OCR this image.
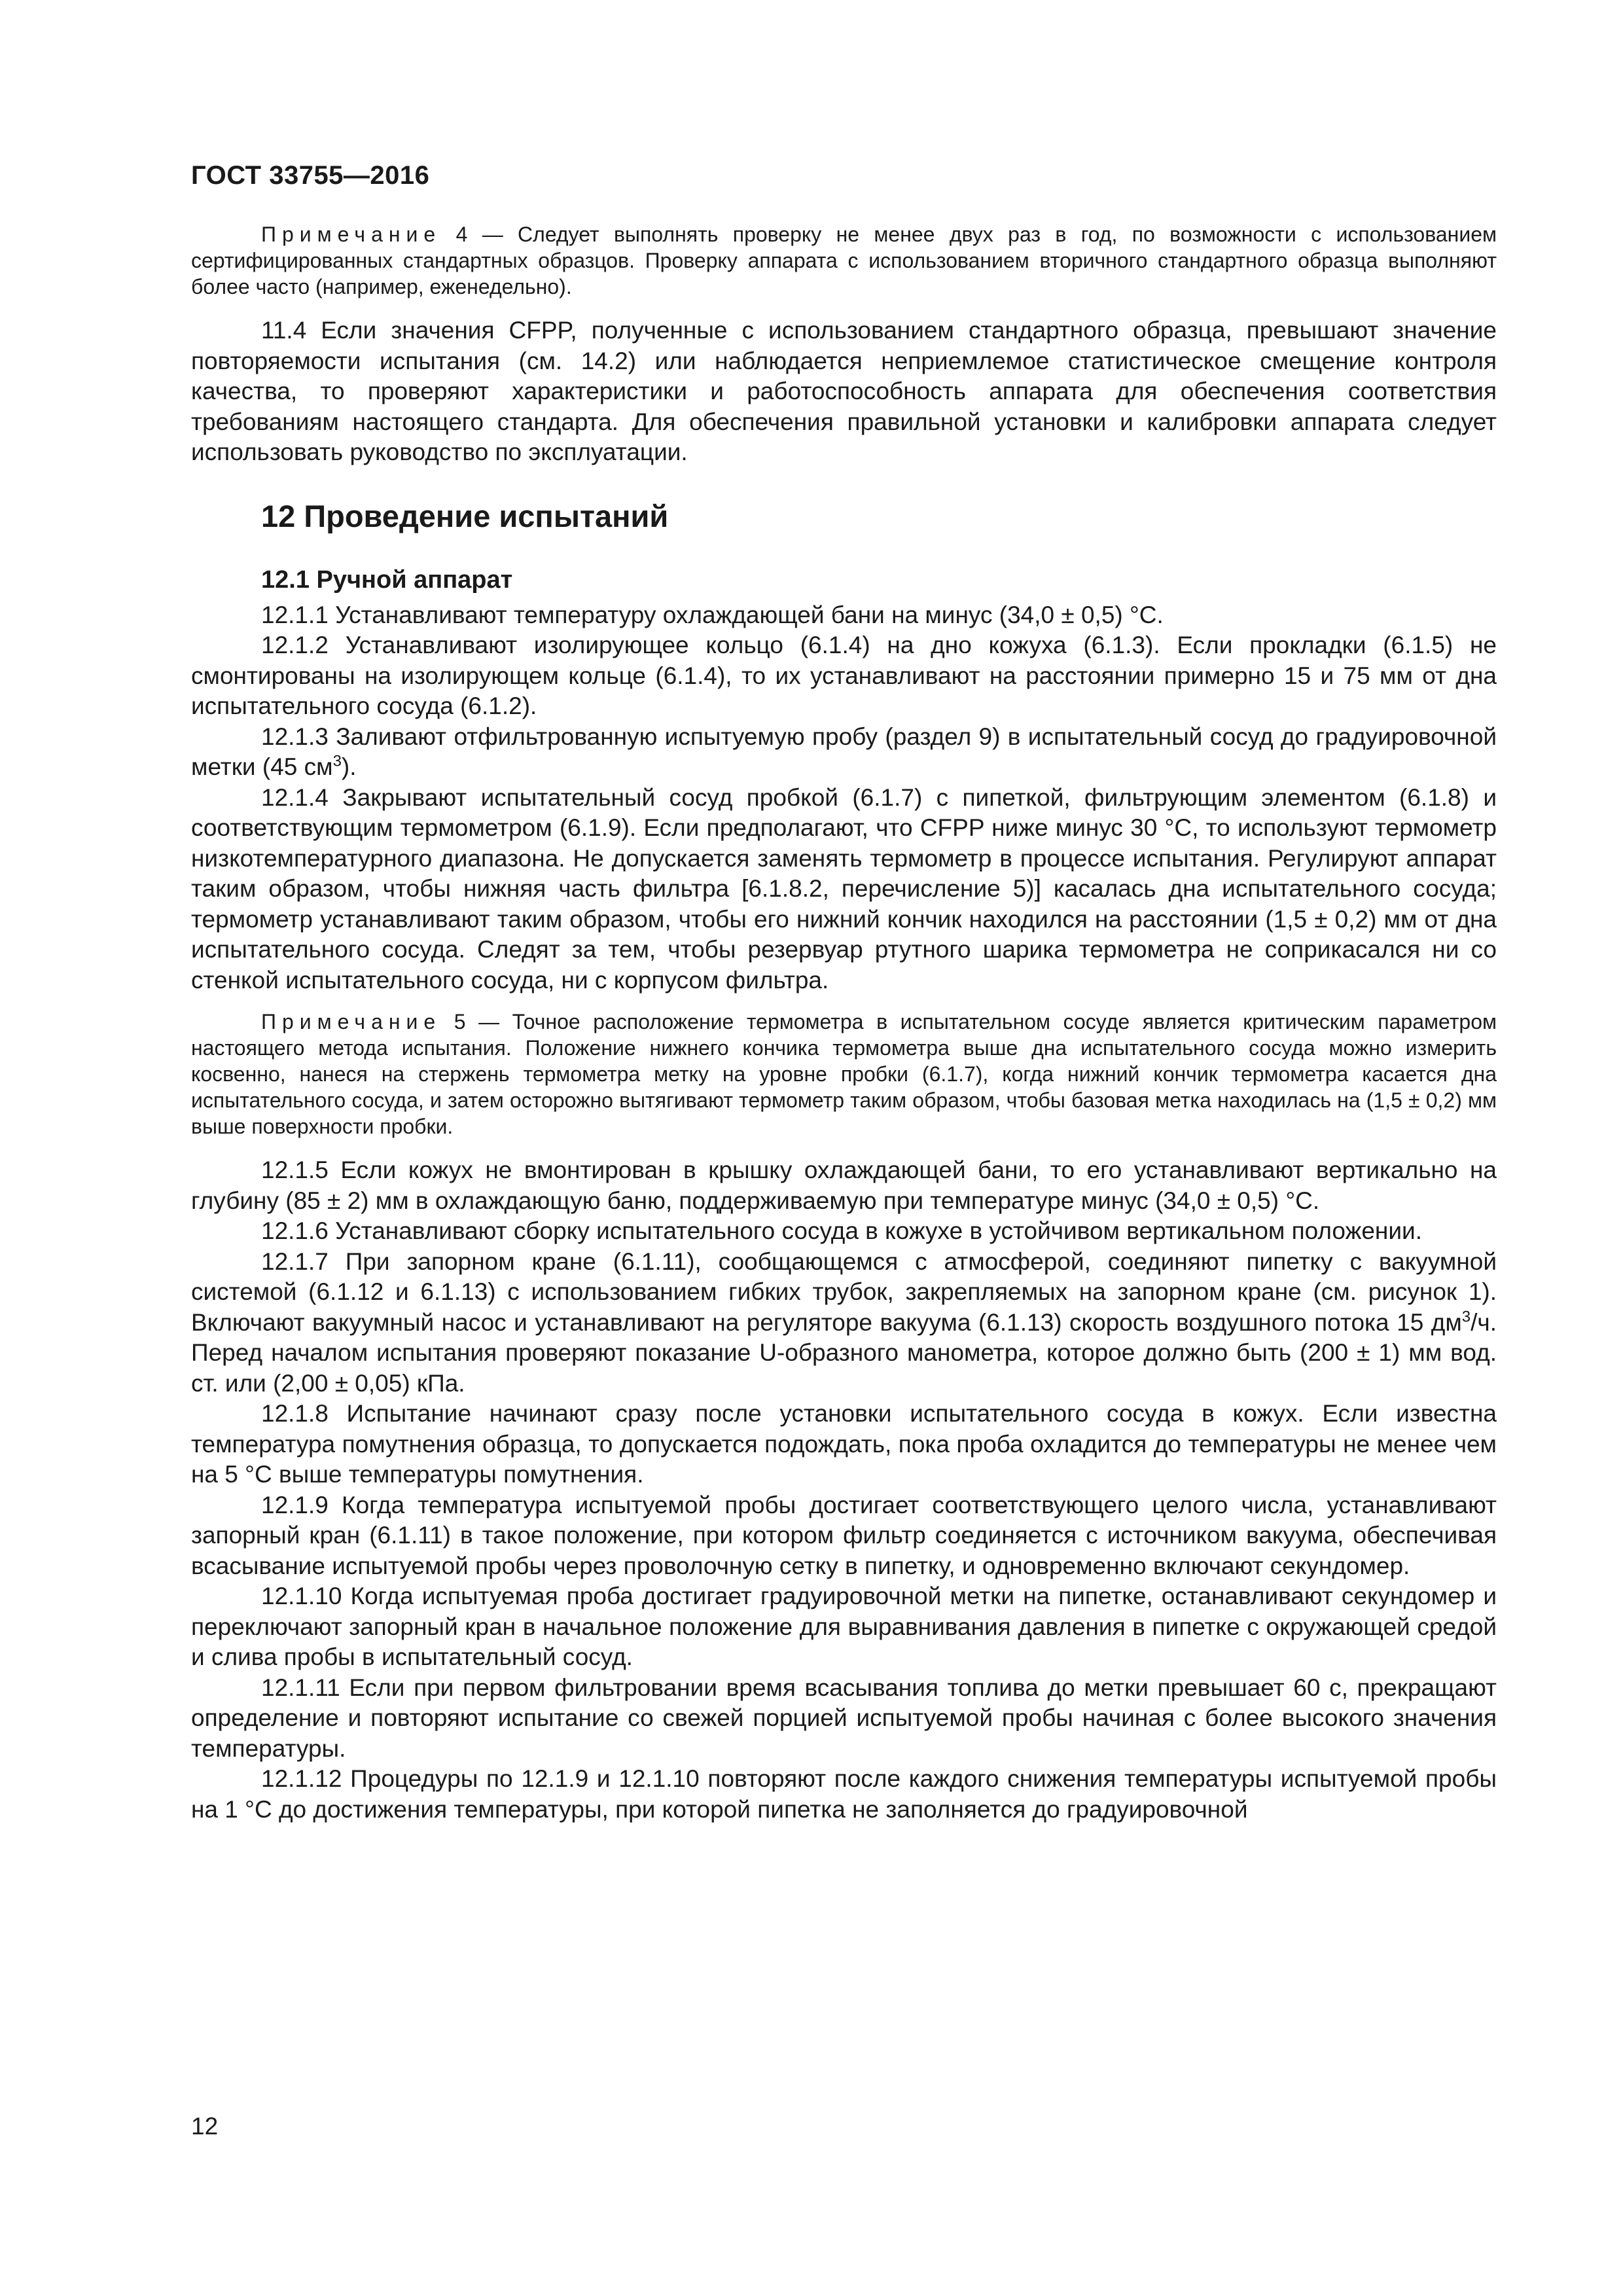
ГОСТ 33755—2016

Примечание 4 — Следует выполнять проверку не менее двух раз в год, по возможности с использованием сертифицированных стандартных образцов. Проверку аппарата с использованием вторичного стандартного образца выполняют более часто (например, еженедельно).

11.4 Если значения CFPP, полученные с использованием стандартного образца, превышают значение повторяемости испытания (см. 14.2) или наблюдается неприемлемое статистическое смещение контроля качества, то проверяют характеристики и работоспособность аппарата для обеспечения соответствия требованиям настоящего стандарта. Для обеспечения правильной установки и калибровки аппарата следует использовать руководство по эксплуатации.

12 Проведение испытаний
12.1 Ручной аппарат

12.1.1 Устанавливают температуру охлаждающей бани на минус (34,0 ± 0,5) °С.

12.1.2 Устанавливают изолирующее кольцо (6.1.4) на дно кожуха (6.1.3). Если прокладки (6.1.5) не смонтированы на изолирующем кольце (6.1.4), то их устанавливают на расстоянии примерно 15 и 75 мм от дна испытательного сосуда (6.1.2).

12.1.3 Заливают отфильтрованную испытуемую пробу (раздел 9) в испытательный сосуд до градуировочной метки (45 $см^3$).

12.1.4 Закрывают испытательный сосуд пробкой (6.1.7) с пипеткой, фильтрующим элементом (6.1.8) и соответствующим термометром (6.1.9). Если предполагают, что CFPP ниже минус 30 °С, то используют термометр низкотемпературного диапазона. Не допускается заменять термометр в процессе испытания. Регулируют аппарат таким образом, чтобы нижняя часть фильтра [6.1.8.2, перечисление 5)] касалась дна испытательного сосуда; термометр устанавливают таким образом, чтобы его нижний кончик находился на расстоянии (1,5 ± 0,2) мм от дна испытательного сосуда. Следят за тем, чтобы резервуар ртутного шарика термометра не соприкасался ни со стенкой испытательного сосуда, ни с корпусом фильтра.

Примечание 5 — Точное расположение термометра в испытательном сосуде является критическим параметром настоящего метода испытания. Положение нижнего кончика термометра выше дна испытательного сосуда можно измерить косвенно, нанеся на стержень термометра метку на уровне пробки (6.1.7), когда нижний кончик термометра касается дна испытательного сосуда, и затем осторожно вытягивают термометр таким образом, чтобы базовая метка находилась на (1,5 ± 0,2) мм выше поверхности пробки.

12.1.5 Если кожух не вмонтирован в крышку охлаждающей бани, то его устанавливают вертикально на глубину (85 ± 2) мм в охлаждающую баню, поддерживаемую при температуре минус (34,0 ± 0,5) °С.

12.1.6 Устанавливают сборку испытательного сосуда в кожухе в устойчивом вертикальном положении.

12.1.7 При запорном кране (6.1.11), сообщающемся с атмосферой, соединяют пипетку с вакуумной системой (6.1.12 и 6.1.13) с использованием гибких трубок, закрепляемых на запорном кране (см. рисунок 1). Включают вакуумный насос и устанавливают на регуляторе вакуума (6.1.13) скорость воздушного потока 15 $дм^3/ч$. Перед началом испытания проверяют показание U-образного манометра, которое должно быть (200 ± 1) мм вод. ст. или (2,00 ± 0,05) кПа.

12.1.8 Испытание начинают сразу после установки испытательного сосуда в кожух. Если известна температура помутнения образца, то допускается подождать, пока проба охладится до температуры не менее чем на 5 °С выше температуры помутнения.

12.1.9 Когда температура испытуемой пробы достигает соответствующего целого числа, устанавливают запорный кран (6.1.11) в такое положение, при котором фильтр соединяется с источником вакуума, обеспечивая всасывание испытуемой пробы через проволочную сетку в пипетку, и одновременно включают секундомер.

12.1.10 Когда испытуемая проба достигает градуировочной метки на пипетке, останавливают секундомер и переключают запорный кран в начальное положение для выравнивания давления в пипетке с окружающей средой и слива пробы в испытательный сосуд.

12.1.11 Если при первом фильтровании время всасывания топлива до метки превышает 60 с, прекращают определение и повторяют испытание со свежей порцией испытуемой пробы начиная с более высокого значения температуры.

12.1.12 Процедуры по 12.1.9 и 12.1.10 повторяют после каждого снижения температуры испытуемой пробы на 1 °С до достижения температуры, при которой пипетка не заполняется до градуировочной

12
